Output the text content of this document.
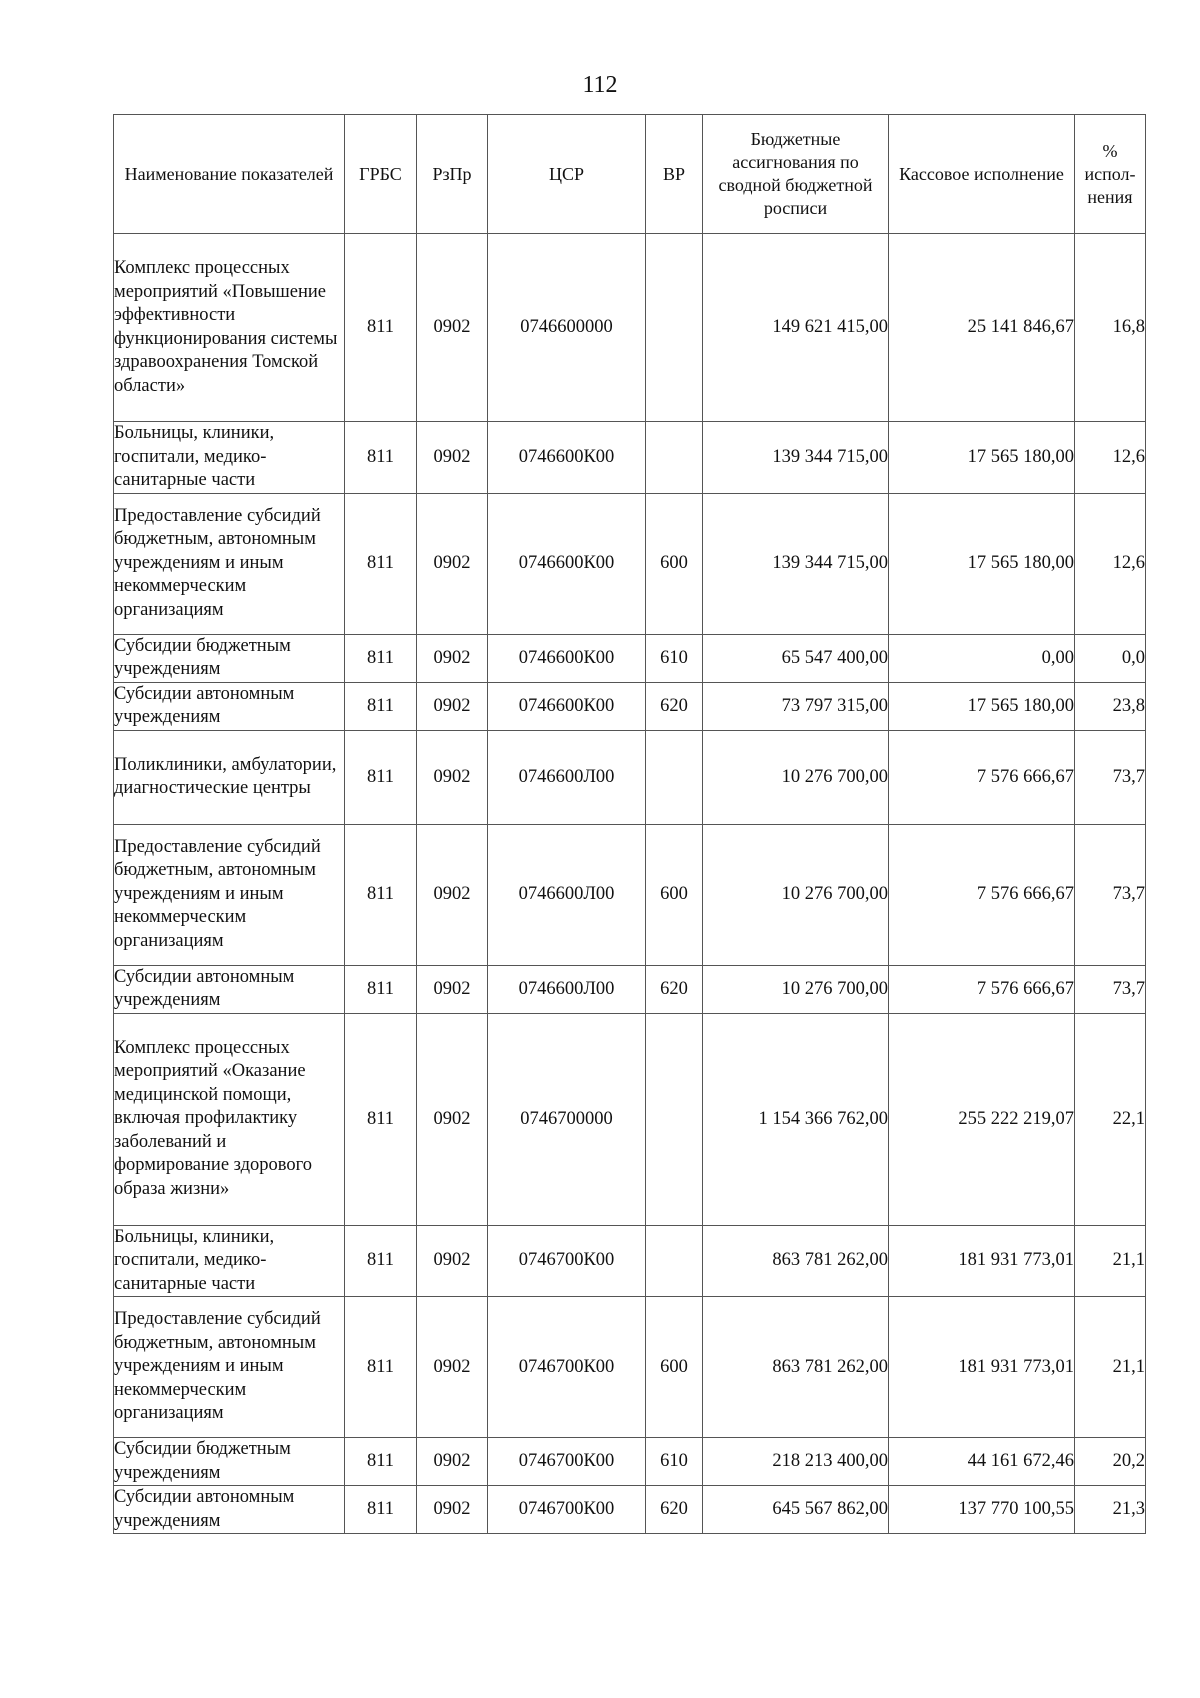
112
Наименование показателей	ГРБС	РзПр	ЦСР	ВР	Бюджетные ассигнования по сводной бюджетной росписи	Кассовое исполнение	% испол-нения
Комплекс процессных мероприятий «Повышение эффективности функционирования системы здравоохранения Томской области»	811	0902	0746600000		149 621 415,00	25 141 846,67	16,8
Больницы, клиники, госпитали, медико-санитарные части	811	0902	0746600К00		139 344 715,00	17 565 180,00	12,6
Предоставление субсидий бюджетным, автономным учреждениям и иным некоммерческим организациям	811	0902	0746600К00	600	139 344 715,00	17 565 180,00	12,6
Субсидии бюджетным учреждениям	811	0902	0746600К00	610	65 547 400,00	0,00	0,0
Субсидии автономным учреждениям	811	0902	0746600К00	620	73 797 315,00	17 565 180,00	23,8
Поликлиники, амбулатории, диагностические центры	811	0902	0746600Л00		10 276 700,00	7 576 666,67	73,7
Предоставление субсидий бюджетным, автономным учреждениям и иным некоммерческим организациям	811	0902	0746600Л00	600	10 276 700,00	7 576 666,67	73,7
Субсидии автономным учреждениям	811	0902	0746600Л00	620	10 276 700,00	7 576 666,67	73,7
Комплекс процессных мероприятий «Оказание медицинской помощи, включая профилактику заболеваний и формирование здорового образа жизни»	811	0902	0746700000		1 154 366 762,00	255 222 219,07	22,1
Больницы, клиники, госпитали, медико-санитарные части	811	0902	0746700К00		863 781 262,00	181 931 773,01	21,1
Предоставление субсидий бюджетным, автономным учреждениям и иным некоммерческим организациям	811	0902	0746700К00	600	863 781 262,00	181 931 773,01	21,1
Субсидии бюджетным учреждениям	811	0902	0746700К00	610	218 213 400,00	44 161 672,46	20,2
Субсидии автономным учреждениям	811	0902	0746700К00	620	645 567 862,00	137 770 100,55	21,3
